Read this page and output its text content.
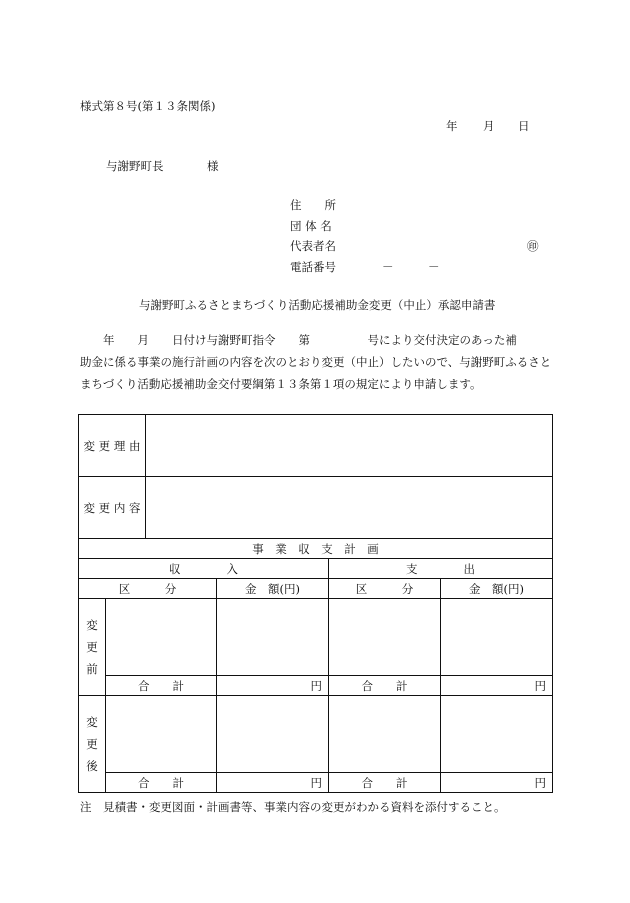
様式第８号(第１３条関係)
年 月 日
与謝野町長	様
住　　所
団 体 名
代表者名	㊞
電話番号	－	－
与謝野町ふるさとまちづくり活動応援補助金変更（中止）承認申請書

　　年　　月　　日付け与謝野町指令　　第　　　　　号により交付決定のあった補

助金に係る事業の施行計画の内容を次のとおり変更（中止）したいので、与謝野町ふるさと

まちづくり活動応援補助金交付要綱第１３条第１項の規定により申請します。

変 更 理 由					
変 更 内 容					
事　業　収　支　計　画					
収　　　　入				支　　　　出	
区　　　分			金　額(円)	区　　　分	金　額(円)

変
更
前					

	合　　計		円	合　　計	円

変
更
後					

	合　　計		円	合　　計	円
注　見積書・変更図面・計画書等、事業内容の変更がわかる資料を添付すること。
